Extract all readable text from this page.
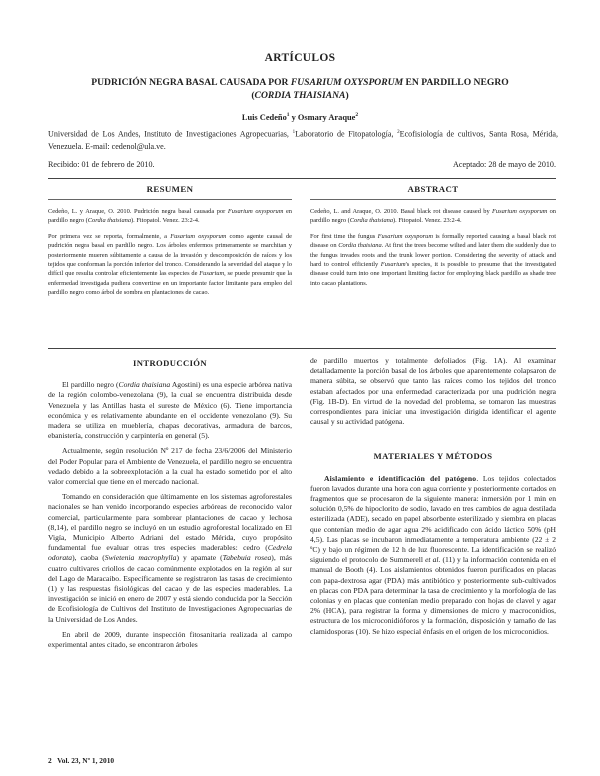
ARTÍCULOS
PUDRICIÓN NEGRA BASAL CAUSADA POR FUSARIUM OXYSPORUM EN PARDILLO NEGRO
(CORDIA THAISIANA)
Luis Cedeño$^1$ y Osmary Araque$^2$
Universidad de Los Andes, Instituto de Investigaciones Agropecuarias, $^1$Laboratorio de Fitopatología, $^2$Ecofisiología de cultivos, Santa Rosa, Mérida, Venezuela. E-mail: cedenol@ula.ve.
Recibido: 01 de febrero de 2010.	Aceptado: 28 de mayo de 2010.
RESUMEN

Cedeño, L. y Araque, O. 2010. Pudrición negra basal causada por Fusarium oxysporum en pardillo negro (Cordia thaisiana). Fitopatol. Venez. 23:2-4.

Por primera vez se reporta, formalmente, a Fusarium oxysporum como agente causal de pudrición negra basal en pardillo negro. Los árboles enfermos primeramente se marchitan y posteriormente mueren súbitamente a causa de la invasión y descomposición de raíces y los tejidos que conforman la porción inferior del tronco. Considerando la severidad del ataque y lo difícil que resulta controlar eficientemente las especies de Fusarium, se puede presumir que la enfermedad investigada pudiera convertirse en un importante factor limitante para empleo del pardillo negro como árbol de sombra en plantaciones de cacao.

ABSTRACT

Cedeño, L. and Araque, O. 2010. Basal black rot disease caused by Fusarium oxysporum on pardillo negro (Cordia thaisiana). Fitopatol. Venez. 23:2-4.

For first time the fungus Fusarium oxysporum is formally reported causing a basal black rot disease on Cordia thaisiana. At first the trees become wilted and later them die suddenly due to the fungus invades roots and the trunk lower portion. Considering the severity of attack and hard to control efficiently Fusarium's species, it is possible to presume that the investigated disease could turn into one important limiting factor for employing black pardillo as shade tree into cacao plantations.

INTRODUCCIÓN

El pardillo negro (Cordia thaisiana Agostini) es una especie arbórea nativa de la región colombo-venezolana (9), la cual se encuentra distribuida desde Venezuela y las Antillas hasta el sureste de México (6). Tiene importancia económica y es relativamente abundante en el occidente venezolano (9). Su madera se utiliza en mueblería, chapas decorativas, armadura de barcos, ebanistería, construcción y carpintería en general (5).

Actualmente, según resolución Nº 217 de fecha 23/6/2006 del Ministerio del Poder Popular para el Ambiente de Venezuela, el pardillo negro se encuentra vedado debido a la sobreexplotación a la cual ha estado sometido por el alto valor comercial que tiene en el mercado nacional.

Tomando en consideración que últimamente en los sistemas agroforestales nacionales se han venido incorporando especies arbóreas de reconocido valor comercial, particularmente para sombrear plantaciones de cacao y lechosa (8,14), el pardillo negro se incluyó en un estudio agroforestal localizado en El Vigía, Municipio Alberto Adriani del estado Mérida, cuyo propósito fundamental fue evaluar otras tres especies maderables: cedro (Cedrela odorata), caoba (Swietenia macrophylla) y apamate (Tabebuia rosea), más cuatro cultivares criollos de cacao comúnmente explotados en la región al sur del Lago de Maracaibo. Específicamente se registraron las tasas de crecimiento (1) y las respuestas fisiológicas del cacao y de las especies maderables. La investigación se inició en enero de 2007 y está siendo conducida por la Sección de Ecofisiología de Cultivos del Instituto de Investigaciones Agropecuarias de la Universidad de Los Andes.

En abril de 2009, durante inspección fitosanitaria realizada al campo experimental antes citado, se encontraron árboles

de pardillo muertos y totalmente defoliados (Fig. 1A). Al examinar detalladamente la porción basal de los árboles que aparentemente colapsaron de manera súbita, se observó que tanto las raíces como los tejidos del tronco estaban afectados por una enfermedad caracterizada por una pudrición negra (Fig. 1B-D). En virtud de la novedad del problema, se tomaron las muestras correspondientes para iniciar una investigación dirigida identificar el agente causal y su actividad patógena.

MATERIALES Y MÉTODOS

Aislamiento e identificación del patógeno. Los tejidos colectados fueron lavados durante una hora con agua corriente y posteriormente cortados en fragmentos que se procesaron de la siguiente manera: inmersión por 1 min en solución 0,5% de hipoclorito de sodio, lavado en tres cambios de agua destilada esterilizada (ADE), secado en papel absorbente esterilizado y siembra en placas que contenían medio de agar agua 2% acidificado con ácido láctico 50% (pH 4,5). Las placas se incubaron inmediatamente a temperatura ambiente (22 ± 2 ºC) y bajo un régimen de 12 h de luz fluorescente. La identificación se realizó siguiendo el protocolo de Summerell et al. (11) y la información contenida en el manual de Booth (4). Los aislamientos obtenidos fueron purificados en placas con papa-dextrosa agar (PDA) más antibiótico y posteriormente sub-cultivados en placas con PDA para determinar la tasa de crecimiento y la morfología de las colonias y en placas que contenían medio preparado con hojas de clavel y agar 2% (HCA), para registrar la forma y dimensiones de micro y macroconidios, estructura de los microconidióforos y la formación, disposición y tamaño de las clamidosporas (10). Se hizo especial énfasis en el origen de los microconidios.

2   Vol. 23, Nº 1, 2010
